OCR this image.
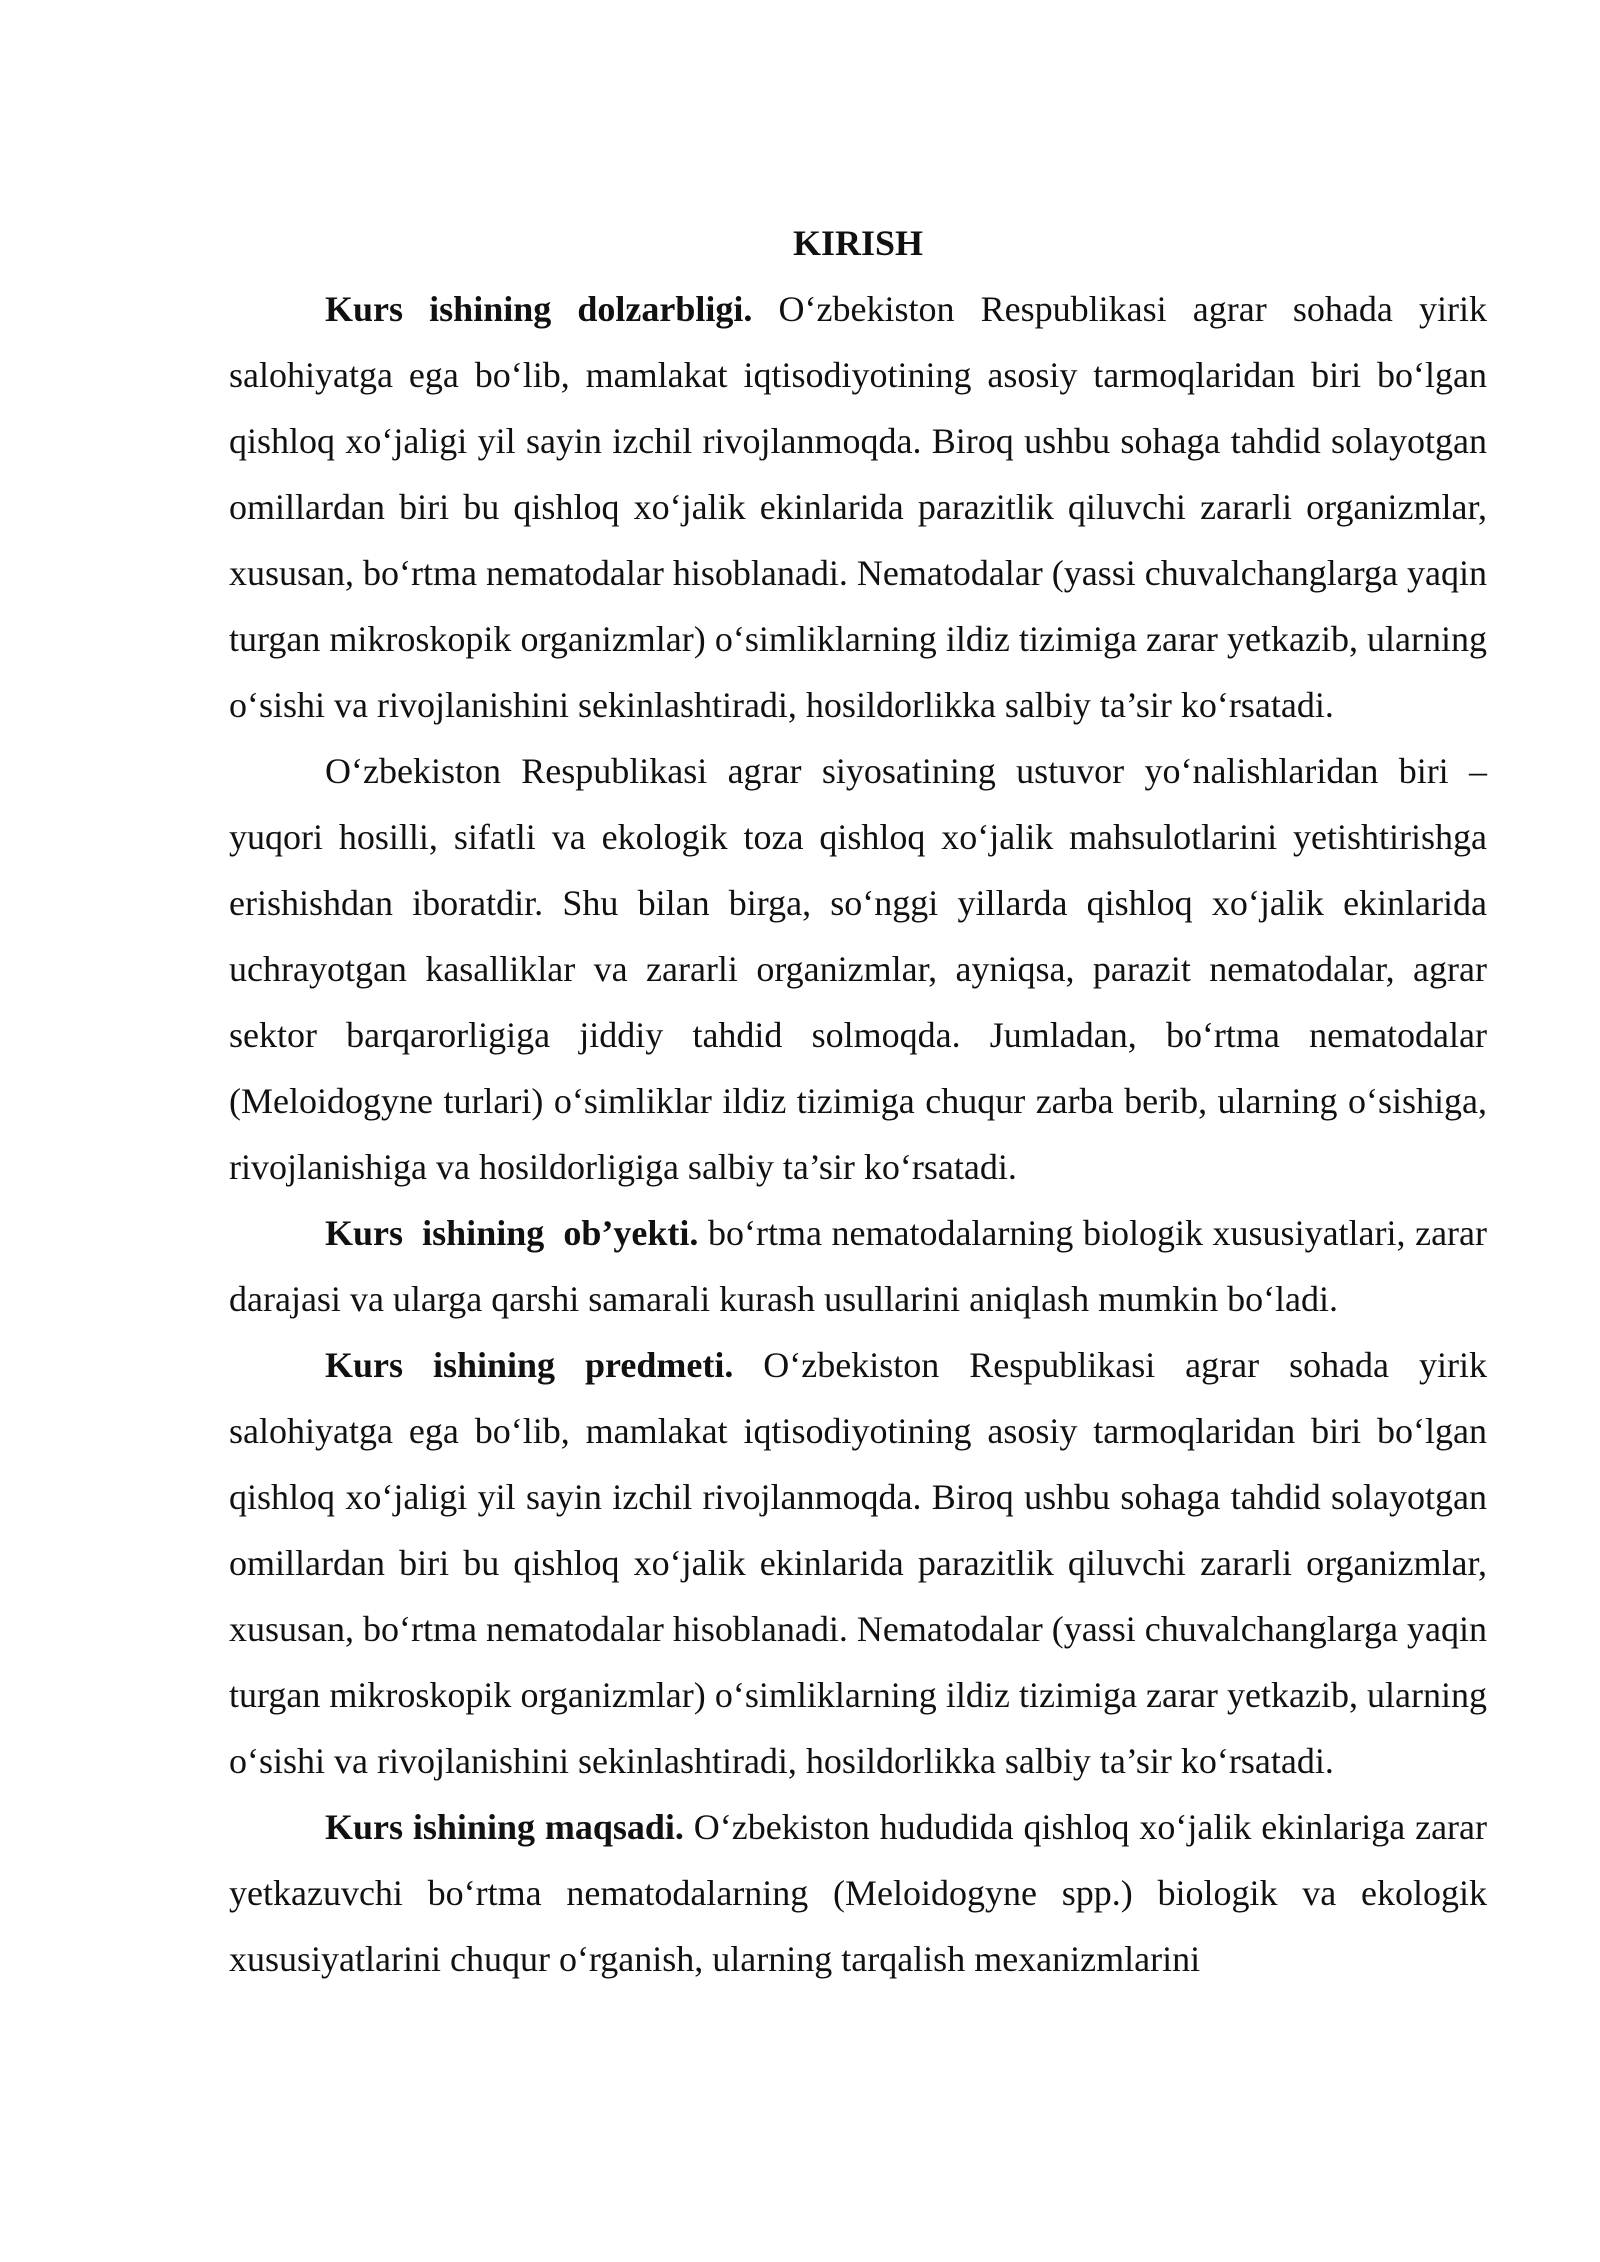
KIRISH

Kurs ishining dolzarbligi. O‘zbekiston Respublikasi agrar sohada yirik salohiyatga ega bo‘lib, mamlakat iqtisodiyotining asosiy tarmoqlaridan biri bo‘lgan qishloq xo‘jaligi yil sayin izchil rivojlanmoqda. Biroq ushbu sohaga tahdid solayotgan omillardan biri bu qishloq xo‘jalik ekinlarida parazitlik qiluvchi zararli organizmlar, xususan, bo‘rtma nematodalar hisoblanadi. Nematodalar (yassi chuvalchanglarga yaqin turgan mikroskopik organizmlar) o‘simliklarning ildiz tizimiga zarar yetkazib, ularning o‘sishi va rivojlanishini sekinlashtiradi, hosildorlikka salbiy ta’sir ko‘rsatadi.

O‘zbekiston Respublikasi agrar siyosatining ustuvor yo‘nalishlaridan biri – yuqori hosilli, sifatli va ekologik toza qishloq xo‘jalik mahsulotlarini yetishtirishga erishishdan iboratdir. Shu bilan birga, so‘nggi yillarda qishloq xo‘jalik ekinlarida uchrayotgan kasalliklar va zararli organizmlar, ayniqsa, parazit nematodalar, agrar sektor barqarorligiga jiddiy tahdid solmoqda. Jumladan, bo‘rtma nematodalar (Meloidogyne turlari) o‘simliklar ildiz tizimiga chuqur zarba berib, ularning o‘sishiga, rivojlanishiga va hosildorligiga salbiy ta’sir ko‘rsatadi.

Kurs  ishining  ob’yekti. bo‘rtma nematodalarning biologik xususiyatlari, zarar darajasi va ularga qarshi samarali kurash usullarini aniqlash mumkin bo‘ladi.

Kurs ishining predmeti. O‘zbekiston Respublikasi agrar sohada yirik salohiyatga ega bo‘lib, mamlakat iqtisodiyotining asosiy tarmoqlaridan biri bo‘lgan qishloq xo‘jaligi yil sayin izchil rivojlanmoqda. Biroq ushbu sohaga tahdid solayotgan omillardan biri bu qishloq xo‘jalik ekinlarida parazitlik qiluvchi zararli organizmlar, xususan, bo‘rtma nematodalar hisoblanadi. Nematodalar (yassi chuvalchanglarga yaqin turgan mikroskopik organizmlar) o‘simliklarning ildiz tizimiga zarar yetkazib, ularning o‘sishi va rivojlanishini sekinlashtiradi, hosildorlikka salbiy ta’sir ko‘rsatadi.

Kurs ishining maqsadi. O‘zbekiston hududida qishloq xo‘jalik ekinlariga zarar yetkazuvchi bo‘rtma nematodalarning (Meloidogyne spp.) biologik va ekologik xususiyatlarini chuqur o‘rganish, ularning tarqalish mexanizmlarini
